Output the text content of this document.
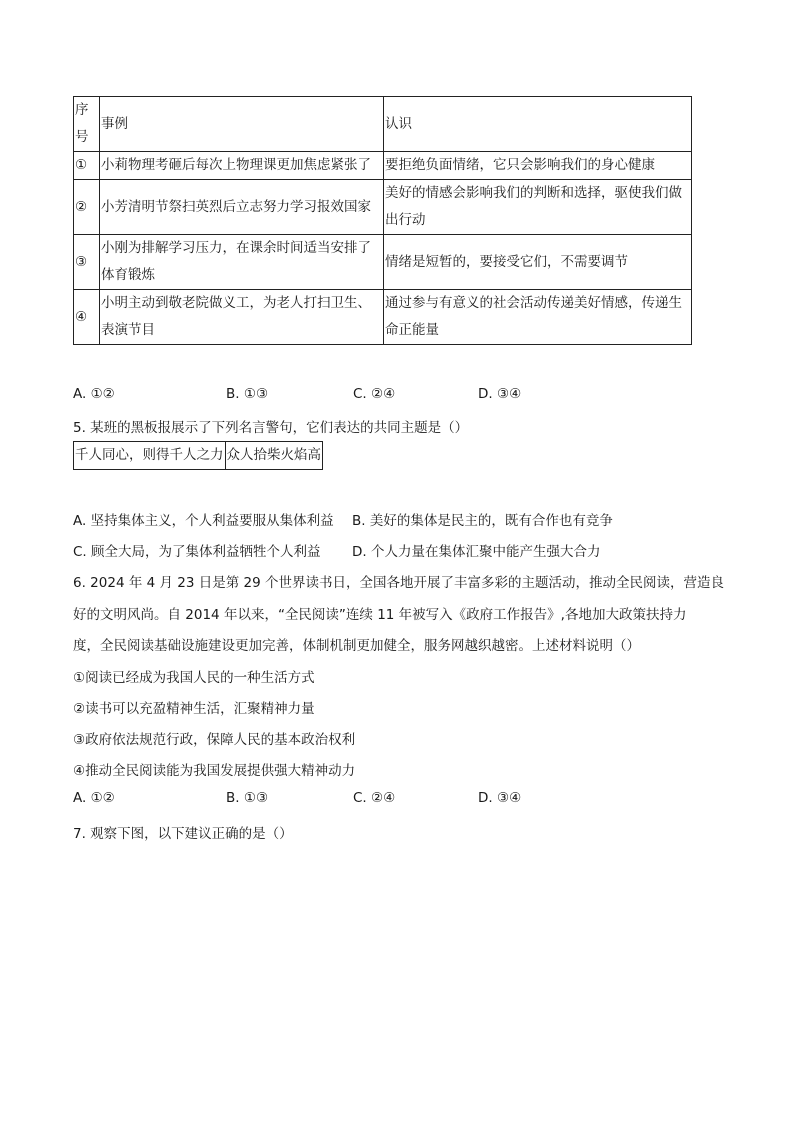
序号	事例	认识
①	小莉物理考砸后每次上物理课更加焦虑紧张了	要拒绝负面情绪，它只会影响我们的身心健康
②	小芳清明节祭扫英烈后立志努力学习报效国家	美好的情感会影响我们的判断和选择，驱使我们做出行动
③	小刚为排解学习压力，在课余时间适当安排了体育锻炼	情绪是短暂的，要接受它们，不需要调节
④	小明主动到敬老院做义工，为老人打扫卫生、表演节目	通过参与有意义的社会活动传递美好情感，传递生命正能量
A. ①②	B. ①③	C. ②④	D. ③④
5. 某班的黑板报展示了下列名言警句，它们表达的共同主题是（）
千人同心，则得千人之力	众人拾柴火焰高
A. 坚持集体主义，个人利益要服从集体利益 B. 美好的集体是民主的，既有合作也有竞争
C. 顾全大局，为了集体利益牺牲个人利益 D. 个人力量在集体汇聚中能产生强大合力
6. 2024 年 4 月 23 日是第 29 个世界读书日，全国各地开展了丰富多彩的主题活动，推动全民阅读，营造良
好的文明风尚。自 2014 年以来，“全民阅读”连续 11 年被写入《政府工作报告》,各地加大政策扶持力
度，全民阅读基础设施建设更加完善，体制机制更加健全，服务网越织越密。上述材料说明（）
①阅读已经成为我国人民的一种生活方式
②读书可以充盈精神生活，汇聚精神力量
③政府依法规范行政，保障人民的基本政治权利
④推动全民阅读能为我国发展提供强大精神动力
A. ①②	B. ①③	C. ②④	D. ③④
7. 观察下图，以下建议正确的是（）
